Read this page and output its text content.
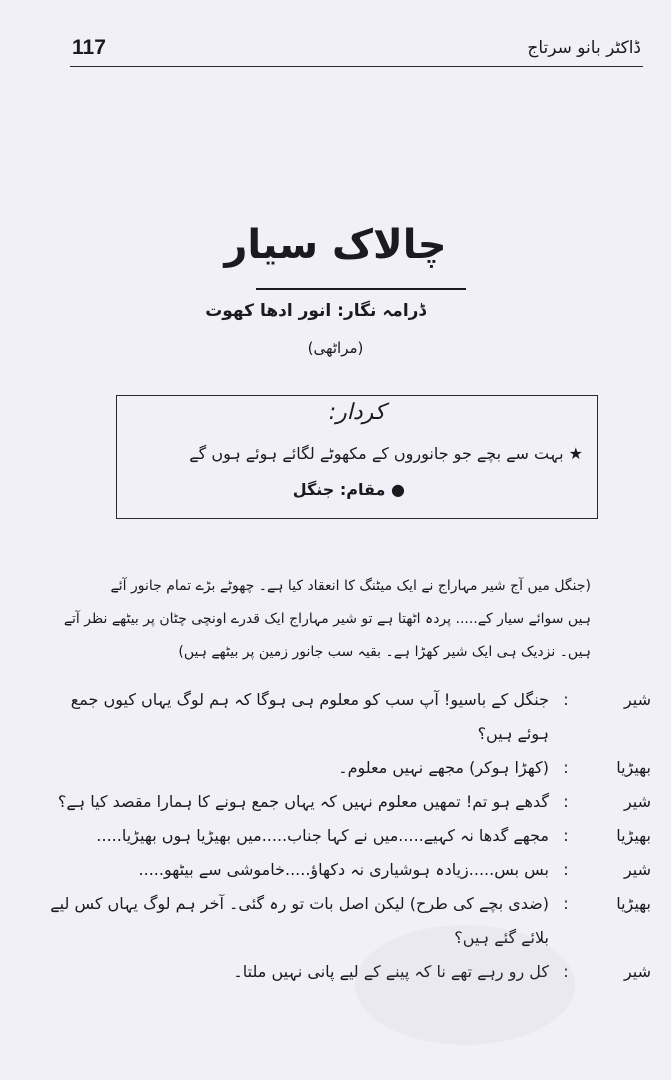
117	ڈاکٹر بانو سرتاج
چالاک سیار
ڈرامہ نگار: انور ادھا کھوت
(مراٹھی)
کردار:
★ بہت سے بچے جو جانوروں کے مکھوٹے لگائے ہوئے ہوں گے
● مقام: جنگل
(جنگل میں آج شیر مہاراج نے ایک میٹنگ کا انعقاد کیا ہے۔ چھوٹے بڑے تمام جانور آئے
ہیں سوائے سیار کے..... پردہ اٹھتا ہے تو شیر مہاراج ایک قدرے اونچی چٹان پر بیٹھے نظر آتے
ہیں۔ نزدیک ہی ایک شیر کھڑا ہے۔ بقیہ سب جانور زمین پر بیٹھے ہیں)
شیر
:
جنگل کے باسیو! آپ سب کو معلوم ہی ہوگا کہ ہم لوگ یہاں کیوں جمع
ہوئے ہیں؟
بھیڑیا
:
(کھڑا ہوکر) مجھے نہیں معلوم۔
شیر
:
گدھے ہو تم! تمھیں معلوم نہیں کہ یہاں جمع ہونے کا ہمارا مقصد کیا ہے؟
بھیڑیا
:
مجھے گدھا نہ کہیے.....میں نے کہا جناب.....میں بھیڑیا ہوں بھیڑیا.....
شیر
:
بس بس.....زیادہ ہوشیاری نہ دکھاؤ.....خاموشی سے بیٹھو.....
بھیڑیا
:
(ضدی بچے کی طرح) لیکن اصل بات تو رہ گئی۔ آخر ہم لوگ یہاں کس لیے
بلائے گئے ہیں؟
شیر
:
کل رو رہے تھے نا کہ پینے کے لیے پانی نہیں ملتا۔
